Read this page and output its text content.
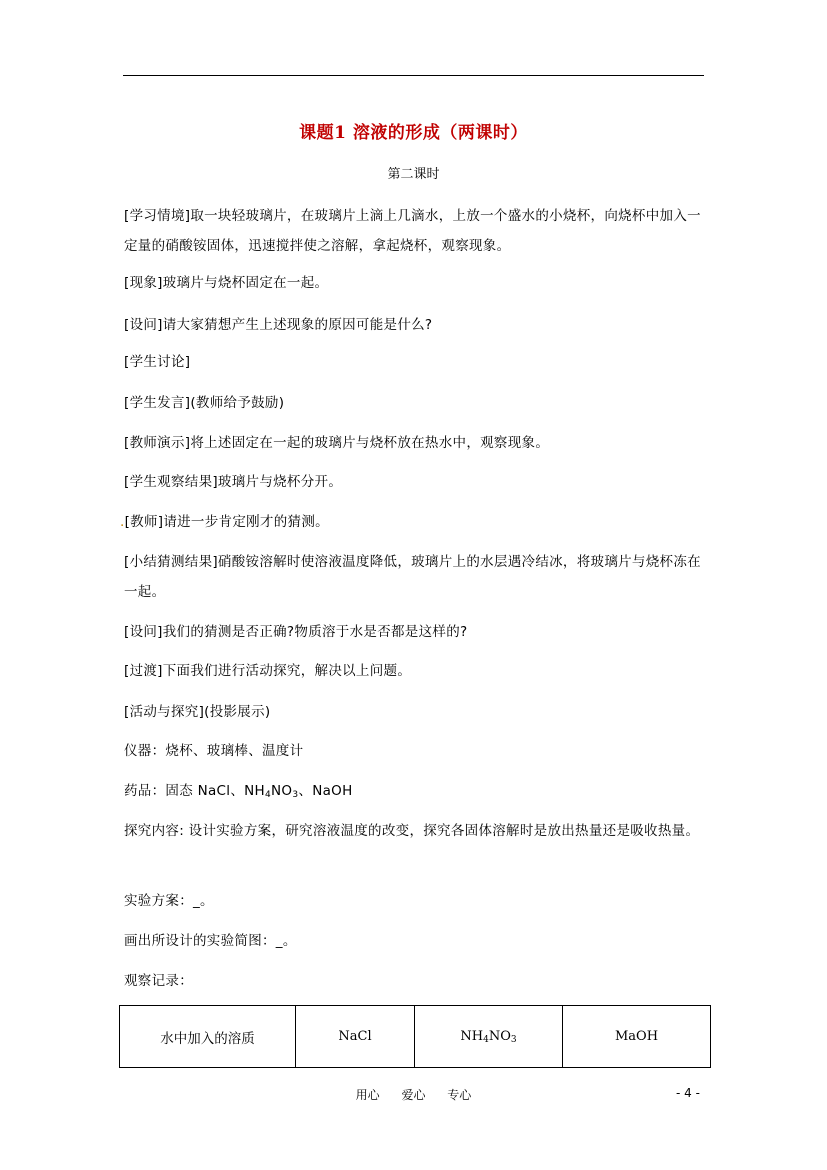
课题1 溶液的形成（两课时）
第二课时
[学习情境]取一块轻玻璃片，在玻璃片上滴上几滴水，上放一个盛水的小烧杯，向烧杯中加入一定量的硝酸铵固体，迅速搅拌使之溶解，拿起烧杯，观察现象。
[现象]玻璃片与烧杯固定在一起。
[设问]请大家猜想产生上述现象的原因可能是什么?
[学生讨论]
[学生发言](教师给予鼓励)
[教师演示]将上述固定在一起的玻璃片与烧杯放在热水中，观察现象。
[学生观察结果]玻璃片与烧杯分开。
.[教师]请进一步肯定刚才的猜测。
[小结猜测结果]硝酸铵溶解时使溶液温度降低，玻璃片上的水层遇冷结冰，将玻璃片与烧杯冻在一起。
[设问]我们的猜测是否正确?物质溶于水是否都是这样的?
[过渡]下面我们进行活动探究，解决以上问题。
[活动与探究](投影展示)
仪器：烧杯、玻璃棒、温度计
药品：固态 NaCl、$NH_4NO_3$、NaOH
探究内容: 设计实验方案，研究溶液温度的改变，探究各固体溶解时是放出热量还是吸收热量。
实验方案：_。
画出所设计的实验简图：_。
观察记录：
水中加入的溶质	NaCl	$NH_4NO_3$	MaOH
用心 爱心 专心	- 4 -
